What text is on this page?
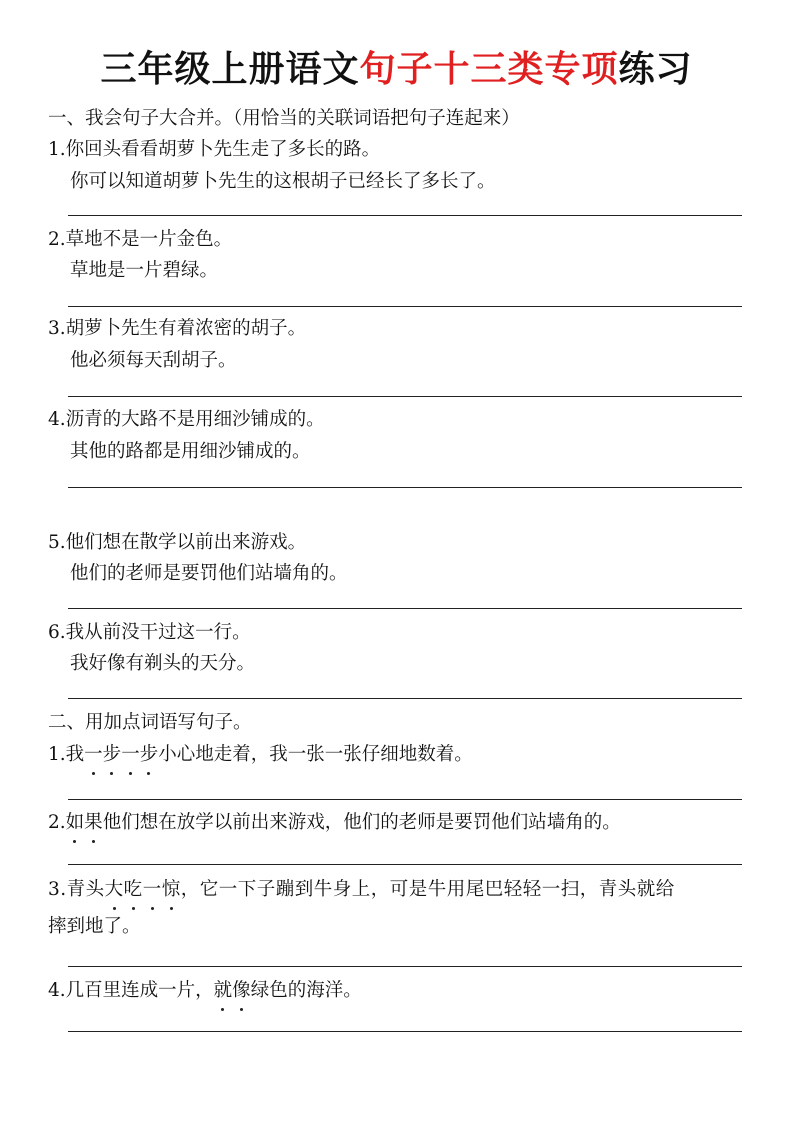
三年级上册语文句子十三类专项练习
一、我会句子大合并。（用恰当的关联词语把句子连起来）
1.你回头看看胡萝卜先生走了多长的路。
你可以知道胡萝卜先生的这根胡子已经长了多长了。
2.草地不是一片金色。
草地是一片碧绿。
3.胡萝卜先生有着浓密的胡子。
他必须每天刮胡子。
4.沥青的大路不是用细沙铺成的。
其他的路都是用细沙铺成的。
5.他们想在散学以前出来游戏。
他们的老师是要罚他们站墙角的。
6.我从前没干过这一行。
我好像有剃头的天分。
二、用加点词语写句子。
1.我一步一步小心地走着，我一张一张仔细地数着。
2.如果他们想在放学以前出来游戏，他们的老师是要罚他们站墙角的。
3.青头大吃一惊，它一下子蹦到牛身上，可是牛用尾巴轻轻一扫，青头就给
摔到地了。
4.几百里连成一片，就像绿色的海洋。
